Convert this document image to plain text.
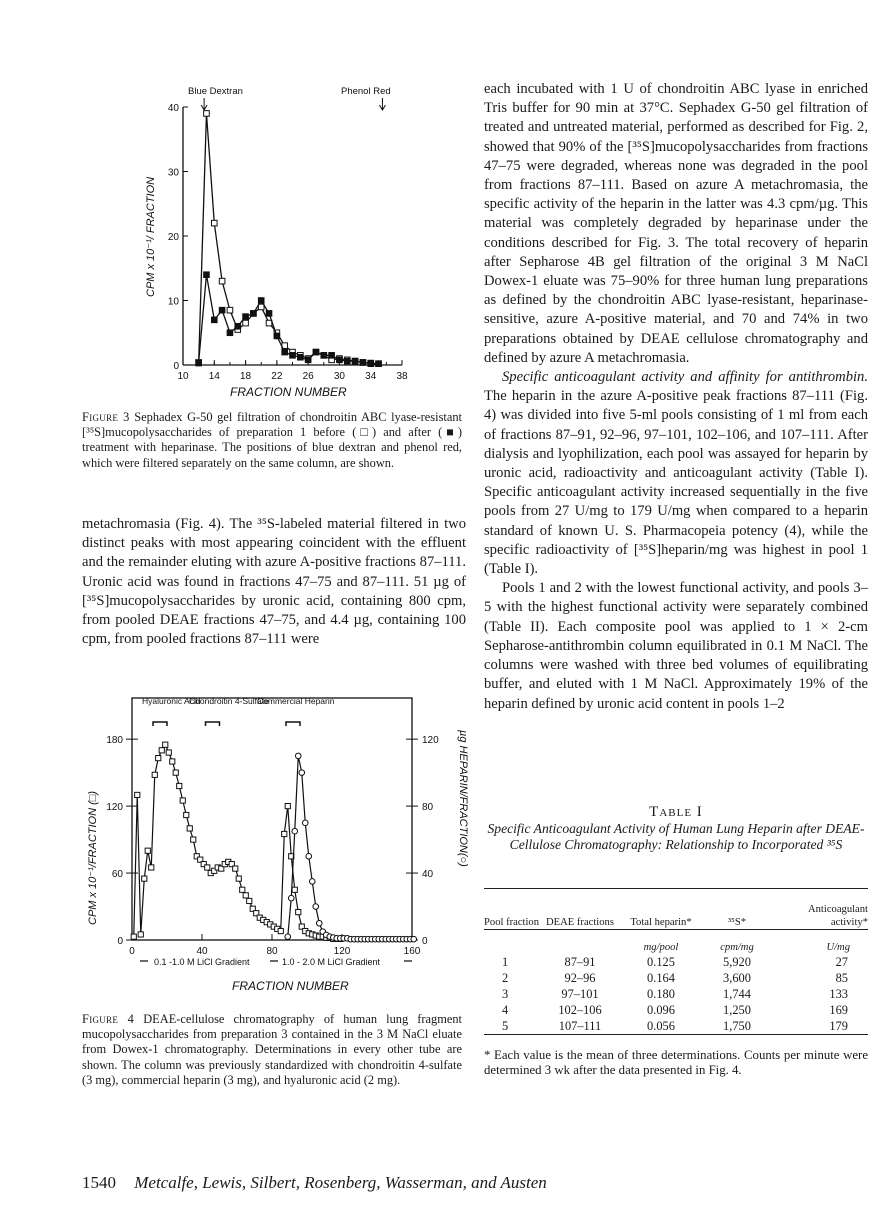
0
10
20
30
40
10 14 18 22 26 30 34 38
Blue Dextran	Phenol Red
CPM x 10⁻¹/ FRACTION
FRACTION NUMBER
Figure 3 Sephadex G-50 gel filtration of chondroitin ABC lyase-resistant [³⁵S]mucopolysaccharides of preparation 1 before (□) and after (■) treatment with heparinase. The positions of blue dextran and phenol red, which were filtered separately on the same column, are shown.

metachromasia (Fig. 4). The ³⁵S-labeled material filtered in two distinct peaks with most appearing coincident with the effluent and the remainder eluting with azure A-positive fractions 87–111. Uronic acid was found in fractions 47–75 and 87–111. 51 µg of [³⁵S]mucopolysaccharides by uronic acid, containing 800 cpm, from pooled DEAE fractions 47–75, and 4.4 µg, containing 100 cpm, from pooled fractions 87–111 were

0
60
120
180
0
40
80
120
0	40	80	120	160
Hyaluronic Acid
Chondroitin 4-Sulfate
Commercial Heparin
CPM x 10⁻¹/FRACTION (□)	µg HEPARIN/FRACTION(○)
0.1 -1.0 M LiCl Gradient	1.0 - 2.0 M LiCl Gradient
FRACTION NUMBER
Figure 4 DEAE-cellulose chromatography of human lung fragment mucopolysaccharides from preparation 3 contained in the 3 M NaCl eluate from Dowex-1 chromatography. Determinations in every other tube are shown. The column was previously standardized with chondroitin 4-sulfate (3 mg), commercial heparin (3 mg), and hyaluronic acid (2 mg).

each incubated with 1 U of chondroitin ABC lyase in enriched Tris buffer for 90 min at 37°C. Sephadex G-50 gel filtration of treated and untreated material, performed as described for Fig. 2, showed that 90% of the [³⁵S]mucopolysaccharides from fractions 47–75 were degraded, whereas none was degraded in the pool from fractions 87–111. Based on azure A metachromasia, the specific activity of the heparin in the latter was 4.3 cpm/µg. This material was completely degraded by heparinase under the conditions described for Fig. 3. The total recovery of heparin after Sepharose 4B gel filtration of the original 3 M NaCl Dowex-1 eluate was 75–90% for three human lung preparations as defined by the chondroitin ABC lyase-resistant, heparinase-sensitive, azure A-positive material, and 70 and 74% in two preparations obtained by DEAE cellulose chromatography and defined by azure A metachromasia.

Specific anticoagulant activity and affinity for antithrombin. The heparin in the azure A-positive peak fractions 87–111 (Fig. 4) was divided into five 5-ml pools consisting of 1 ml from each of fractions 87–91, 92–96, 97–101, 102–106, and 107–111. After dialysis and lyophilization, each pool was assayed for heparin by uronic acid, radioactivity and anticoagulant activity (Table I). Specific anticoagulant activity increased sequentially in the five pools from 27 U/mg to 179 U/mg when compared to a heparin standard of known U. S. Pharmacopeia potency (4), while the specific radioactivity of [³⁵S]heparin/mg was highest in pool 1 (Table I).

Pools 1 and 2 with the lowest functional activity, and pools 3–5 with the highest functional activity were separately combined (Table II). Each composite pool was applied to 1 × 2-cm Sepharose-antithrombin column equilibrated in 0.1 M NaCl. The columns were washed with three bed volumes of equilibrating buffer, and eluted with 1 M NaCl. Approximately 19% of the heparin defined by uronic acid content in pools 1–2

Table I
Specific Anticoagulant Activity of Human Lung Heparin after DEAE-Cellulose Chromatography: Relationship to Incorporated ³⁵S
Pool fraction	DEAE fractions	Total heparin*	³⁵S*	Anticoagulant activity*
		mg/pool	cpm/mg	U/mg
1	87–91	0.125	5,920	27
2	92–96	0.164	3,600	85
3	97–101	0.180	1,744	133
4	102–106	0.096	1,250	169
5	107–111	0.056	1,750	179
* Each value is the mean of three determinations. Counts per minute were determined 3 wk after the data presented in Fig. 4.
1540 Metcalfe, Lewis, Silbert, Rosenberg, Wasserman, and Austen
